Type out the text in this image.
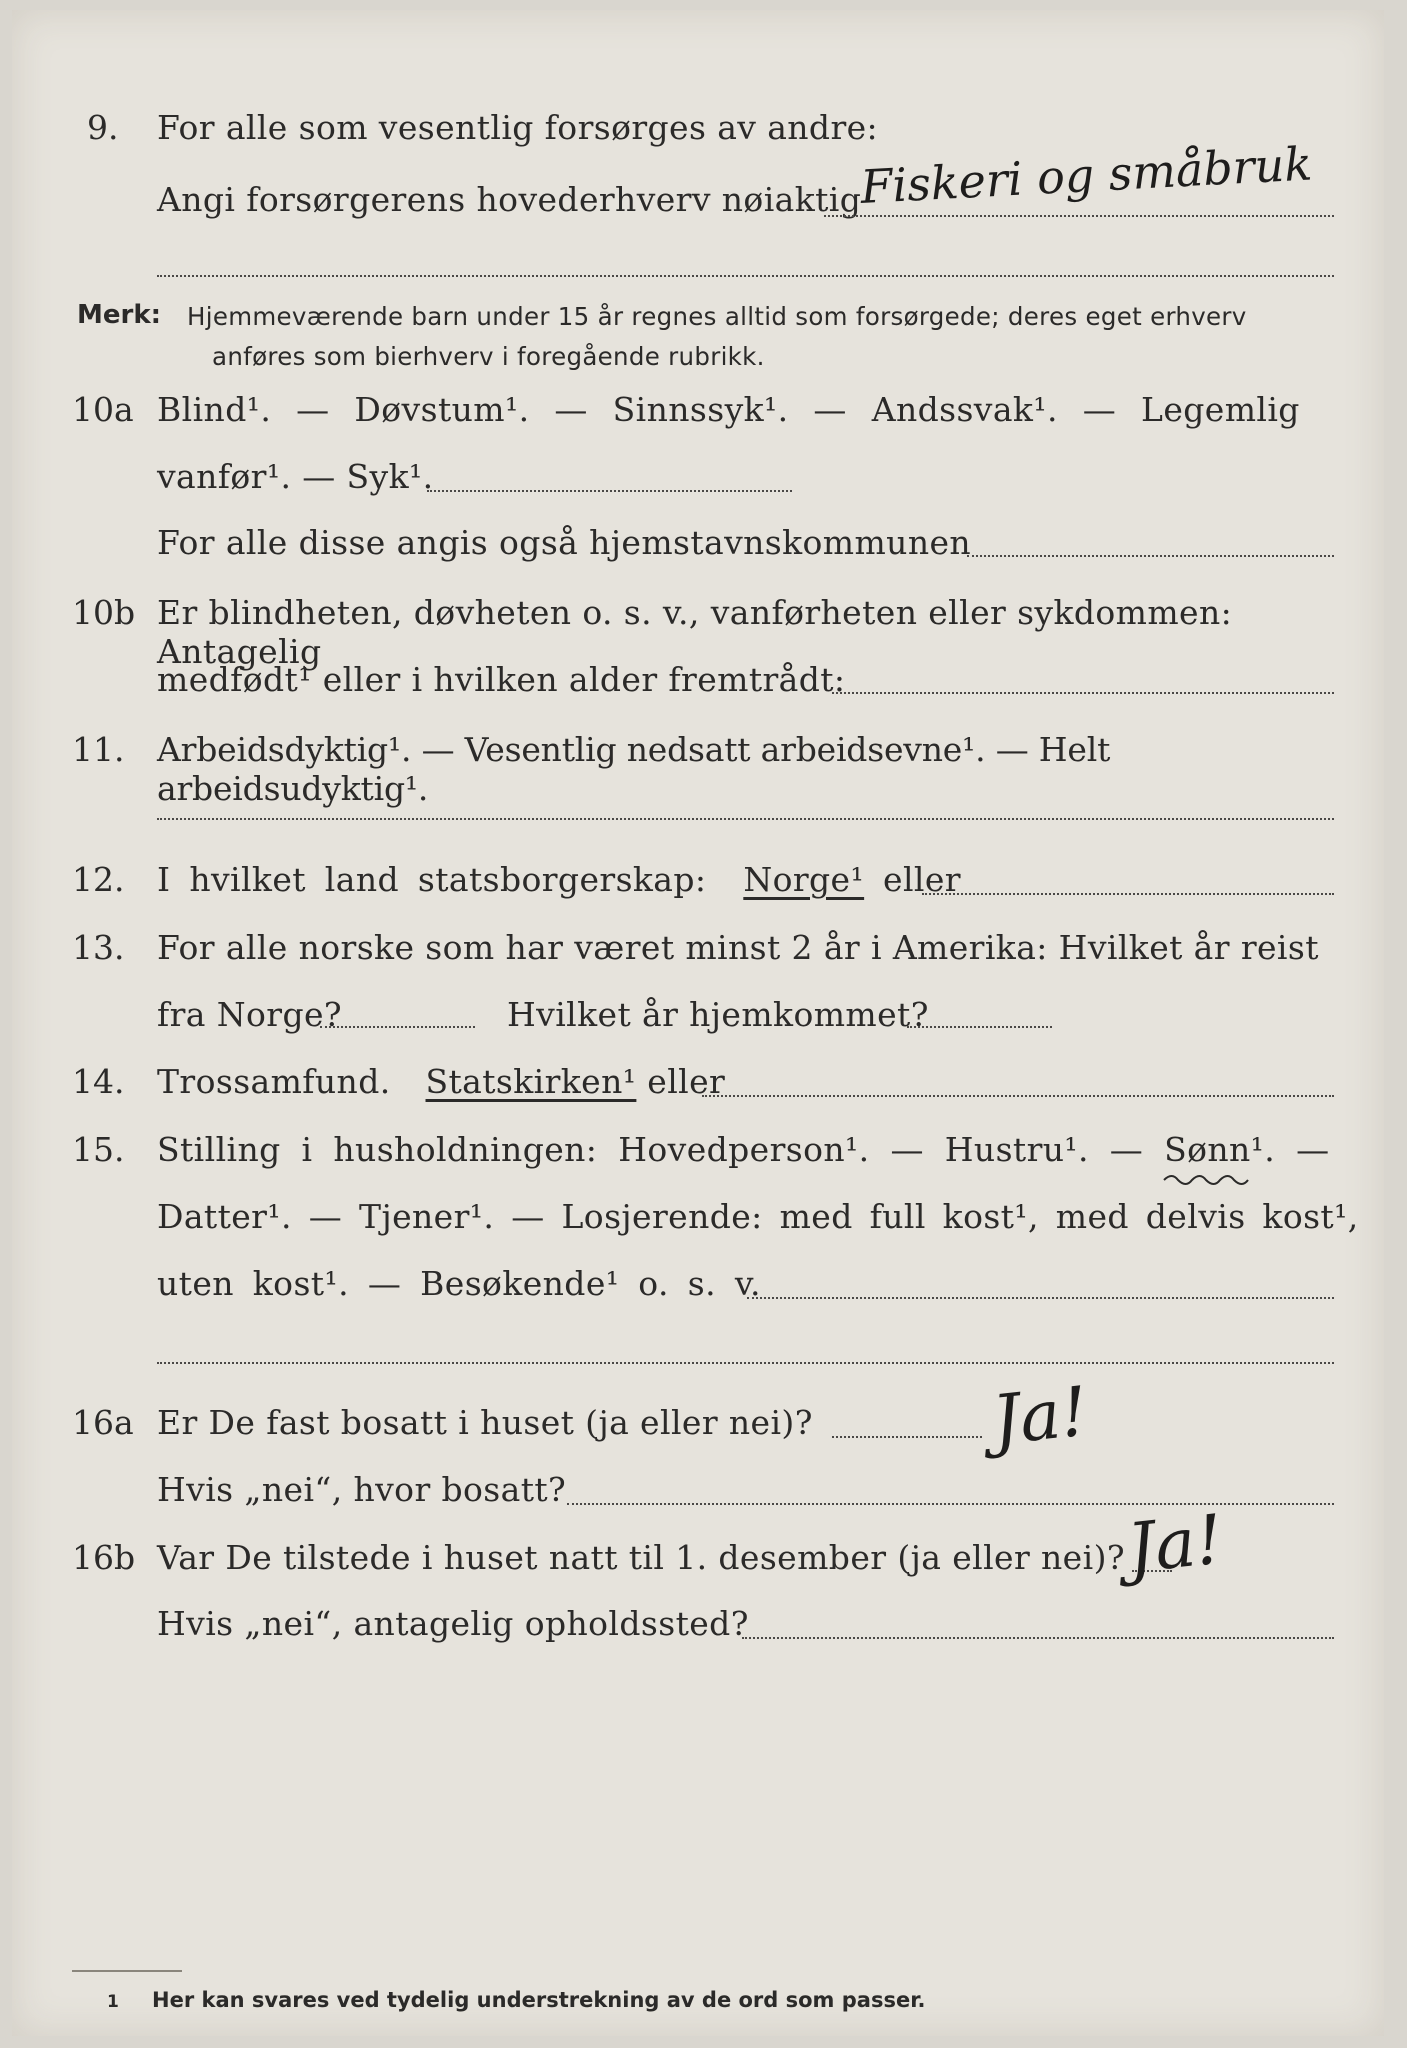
9. For alle som vesentlig forsørges av andre:
Angi forsørgerens hovederhverv nøiaktig
Fiskeri og småbruk
Merk: Hjemmeværende barn under 15 år regnes alltid som forsørgede; deres eget erhverv
anføres som bierhverv i foregående rubrikk.
10a Blind¹. — Døvstum¹. — Sinnssyk¹. — Andssvak¹. — Legemlig
vanfør¹. — Syk¹.
For alle disse angis også hjemstavnskommunen
10b Er blindheten, døvheten o. s. v., vanførheten eller sykdommen: Antagelig
medfødt¹ eller i hvilken alder fremtrådt:
11. Arbeidsdyktig¹. — Vesentlig nedsatt arbeidsevne¹. — Helt arbeidsudyktig¹.
12. I hvilket land statsborgerskap: Norge¹ eller
13. For alle norske som har været minst 2 år i Amerika: Hvilket år reist
fra Norge?	Hvilket år hjemkommet?
14. Trossamfund. Statskirken¹ eller
15. Stilling i husholdningen: Hovedperson¹. — Hustru¹. — Sønn¹. —
Datter¹. — Tjener¹. — Losjerende: med full kost¹, med delvis kost¹,
uten kost¹. — Besøkende¹ o. s. v.
16a Er De fast bosatt i huset (ja eller nei)?	Ja!
Hvis „nei“, hvor bosatt?
16b Var De tilstede i huset natt til 1. desember (ja eller nei)?
Ja!
Hvis „nei“, antagelig opholdssted?
1 Her kan svares ved tydelig understrekning av de ord som passer.
